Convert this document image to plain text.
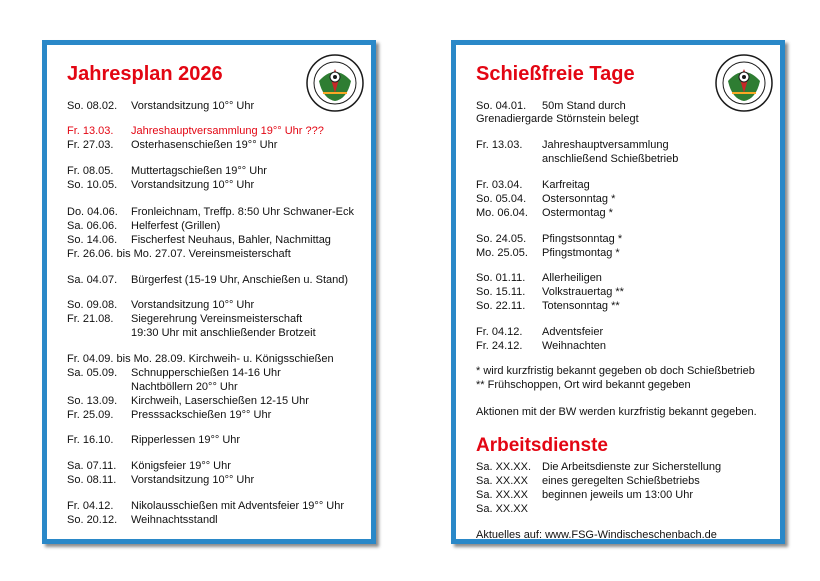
Jahresplan 2026
So. 08.02. Vorstandsitzung 10°° Uhr
Fr. 13.03. Jahreshauptversammlung 19°° Uhr ???
Fr. 27.03. Osterhasenschießen 19°° Uhr
Fr. 08.05. Muttertagschießen 19°° Uhr
So. 10.05. Vorstandsitzung 10°° Uhr
Do. 04.06. Fronleichnam, Treffp. 8:50 Uhr Schwaner-Eck
Sa. 06.06. Helferfest (Grillen)
So. 14.06. Fischerfest Neuhaus, Bahler, Nachmittag
Fr. 26.06. bis Mo. 27.07. Vereinsmeisterschaft
Sa. 04.07. Bürgerfest (15-19 Uhr, Anschießen u. Stand)
So. 09.08. Vorstandsitzung 10°° Uhr
Fr. 21.08. Siegerehrung Vereinsmeisterschaft
19:30 Uhr mit anschließender Brotzeit
Fr. 04.09. bis Mo. 28.09. Kirchweih- u. Königsschießen
Sa. 05.09. Schnupperschießen 14-16 Uhr
Nachtböllern 20°° Uhr
So. 13.09. Kirchweih, Laserschießen 12-15 Uhr
Fr. 25.09. Presssackschießen 19°° Uhr
Fr. 16.10. Ripperlessen 19°° Uhr
Sa. 07.11. Königsfeier 19°° Uhr
So. 08.11. Vorstandsitzung 10°° Uhr
Fr. 04.12. Nikolausschießen mit Adventsfeier 19°° Uhr
So. 20.12. Weihnachtsstandl
Schießfreie Tage
So. 04.01. 50m Stand durch
Grenadiergarde Störnstein belegt
Fr. 13.03. Jahreshauptversammlung
anschließend Schießbetrieb
Fr. 03.04. Karfreitag
So. 05.04. Ostersonntag *
Mo. 06.04. Ostermontag *
So. 24.05. Pfingstsonntag *
Mo. 25.05. Pfingstmontag *
So. 01.11. Allerheiligen
So. 15.11. Volkstrauertag **
So. 22.11. Totensonntag **
Fr. 04.12. Adventsfeier
Fr. 24.12. Weihnachten
* wird kurzfristig bekannt gegeben ob doch Schießbetrieb
** Frühschoppen, Ort wird bekannt gegeben
Aktionen mit der BW werden kurzfristig bekannt gegeben.
Arbeitsdienste
Sa. XX.XX. Die Arbeitsdienste zur Sicherstellung
Sa. XX.XX eines geregelten Schießbetriebs
Sa. XX.XX beginnen jeweils um 13:00 Uhr
Sa. XX.XX
Aktuelles auf: www.FSG-Windischeschenbach.de
